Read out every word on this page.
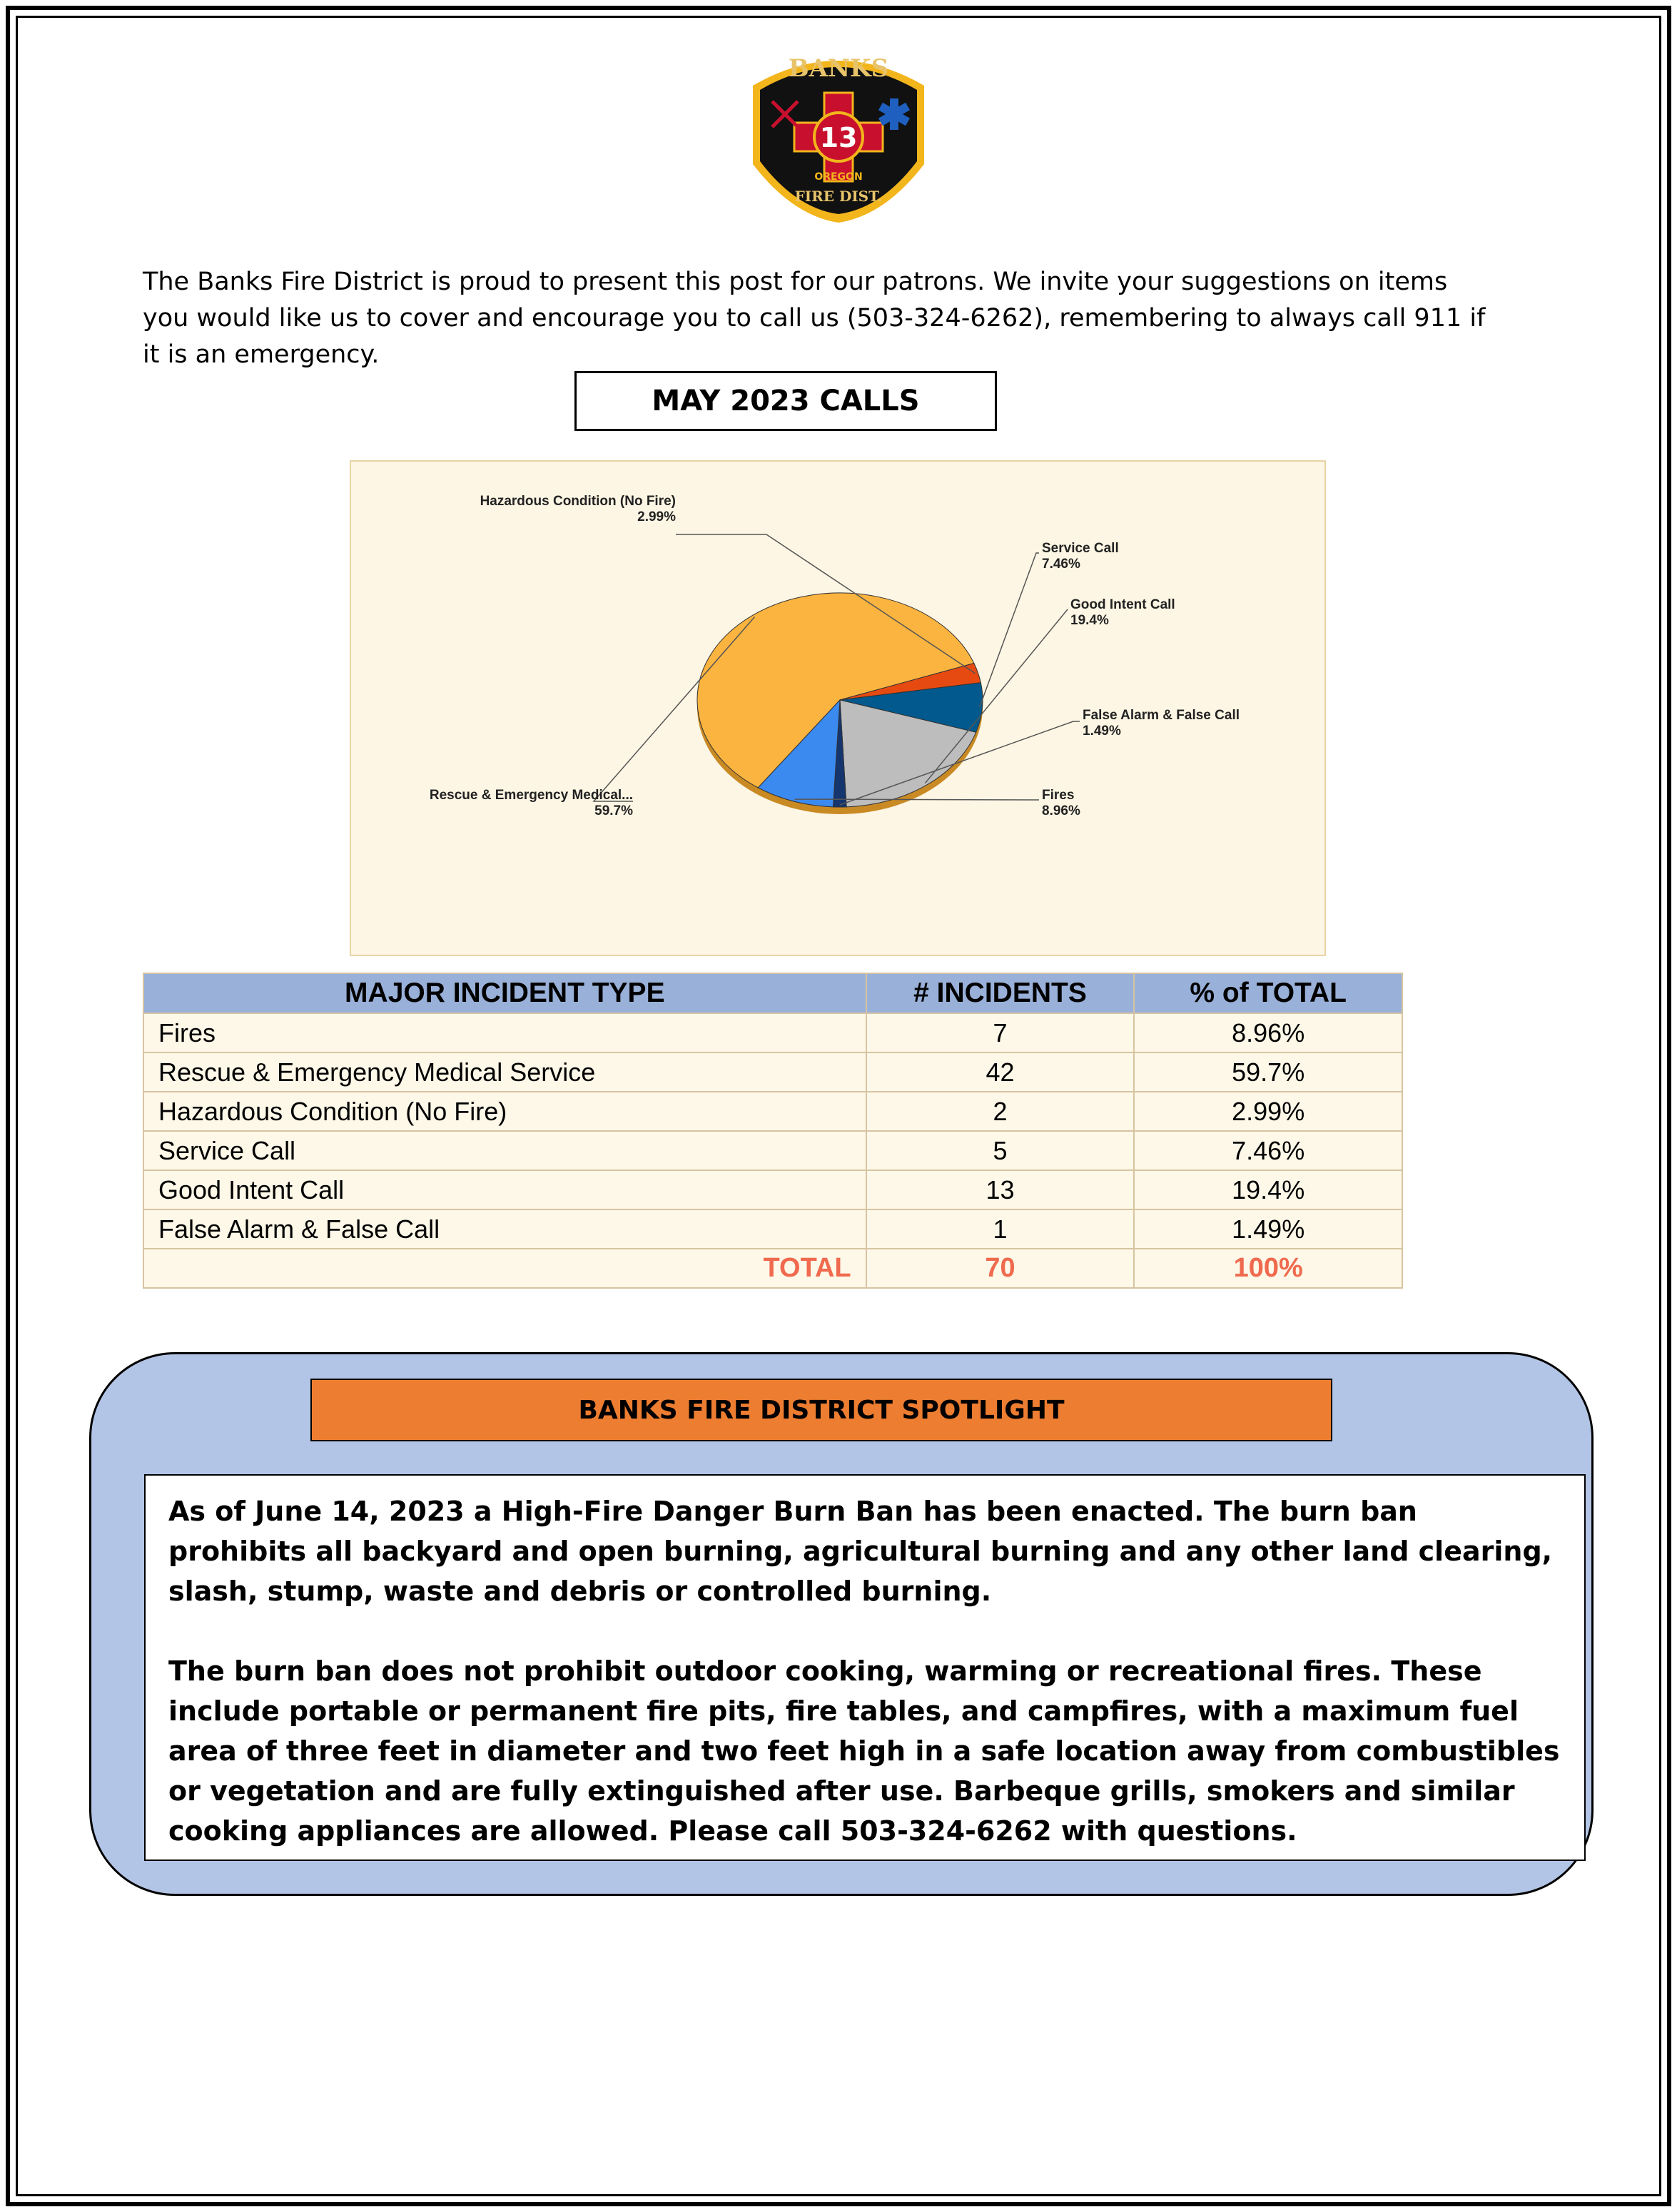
BANKS
13
OREGON
FIRE DIST.

The Banks Fire District is proud to present this post for our patrons. We invite your suggestions on items you would like us to cover and encourage you to call us (503-324-6262), remembering to always call 911 if it is an emergency.

MAY 2023 CALLS
Rescue & Emergency Medical...
59.7%
Hazardous Condition (No Fire)
2.99%
Service Call
7.46%
Good Intent Call
19.4%
False Alarm & False Call
1.49%
Fires
8.96%
MAJOR INCIDENT TYPE	# INCIDENTS	% of TOTAL
Fires	7	8.96%
Rescue & Emergency Medical Service	42	59.7%
Hazardous Condition (No Fire)	2	2.99%
Service Call	5	7.46%
Good Intent Call	13	19.4%
False Alarm & False Call	1	1.49%
TOTAL	70	100%
BANKS FIRE DISTRICT SPOTLIGHT

As of June 14, 2023 a High-Fire Danger Burn Ban has been enacted. The burn ban prohibits all backyard and open burning, agricultural burning and any other land clearing, slash, stump, waste and debris or controlled burning.

The burn ban does not prohibit outdoor cooking, warming or recreational fires. These include portable or permanent fire pits, fire tables, and campfires, with a maximum fuel area of three feet in diameter and two feet high in a safe location away from combustibles or vegetation and are fully extinguished after use. Barbeque grills, smokers and similar cooking appliances are allowed. Please call 503-324-6262 with questions.
